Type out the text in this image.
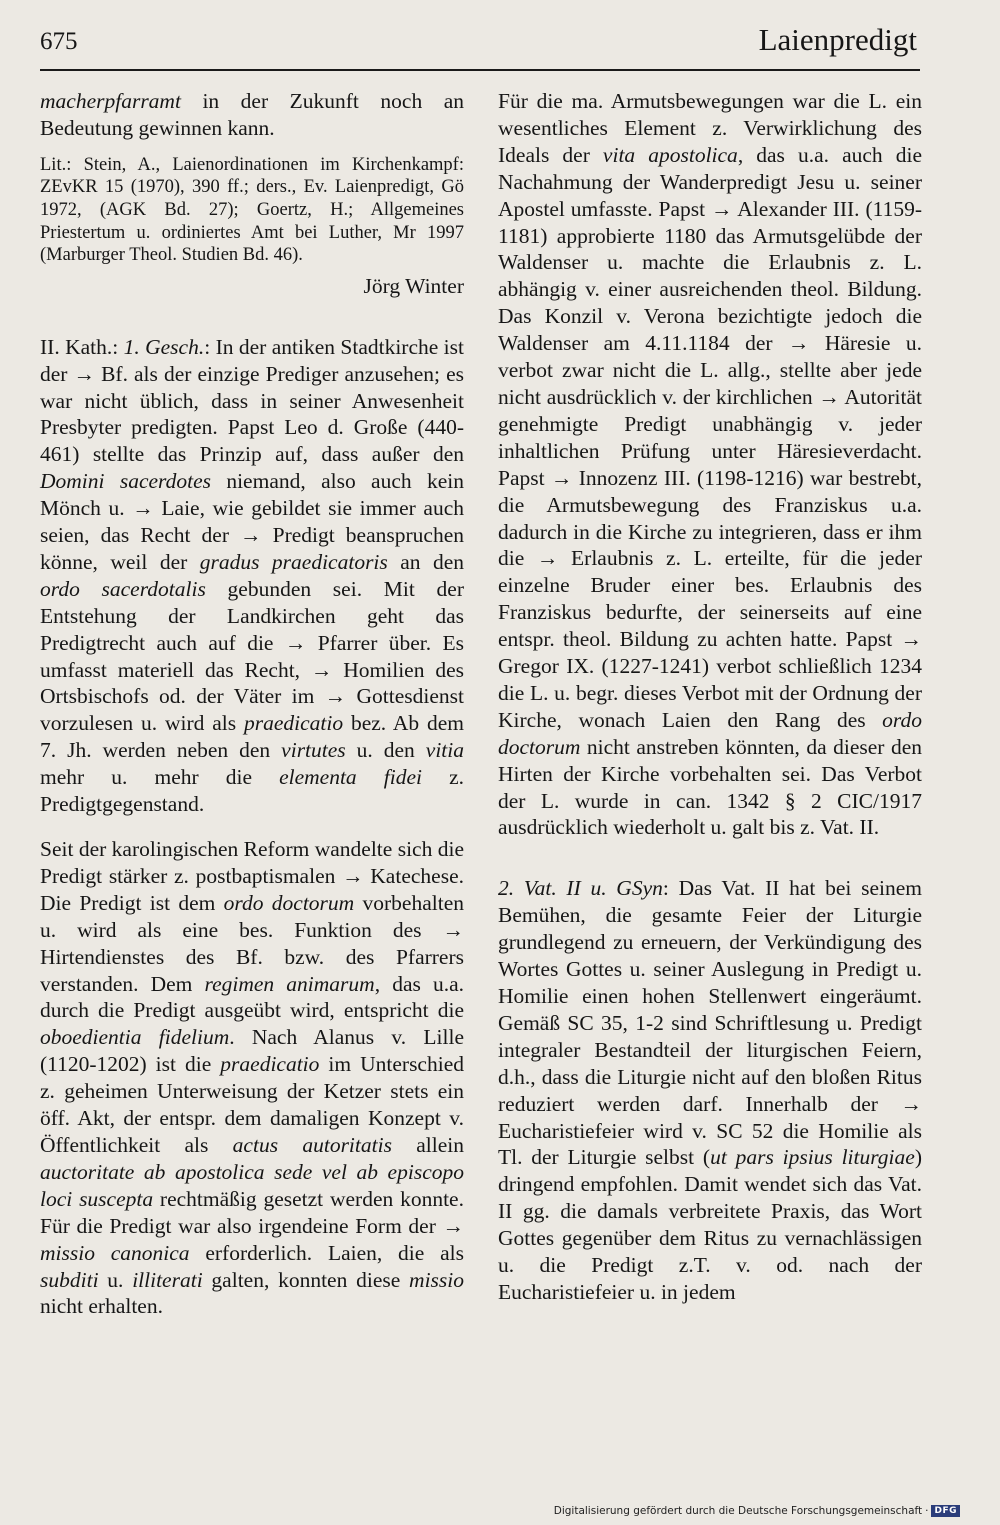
675	Laienpredigt

macherpfarramt in der Zukunft noch an Bedeutung gewinnen kann.

Lit.: Stein, A., Laienordinationen im Kirchenkampf: ZEvKR 15 (1970), 390 ff.; ders., Ev. Laienpredigt, Gö 1972, (AGK Bd. 27); Goertz, H.; Allgemeines Priestertum u. ordiniertes Amt bei Luther, Mr 1997 (Marburger Theol. Studien Bd. 46).

Jörg Winter

II. Kath.: 1. Gesch.: In der antiken Stadtkirche ist der → Bf. als der einzige Prediger anzusehen; es war nicht üblich, dass in seiner Anwesenheit Presbyter predigten. Papst Leo d. Große (440-461) stellte das Prinzip auf, dass außer den Domini sacerdotes niemand, also auch kein Mönch u. → Laie, wie gebildet sie immer auch seien, das Recht der → Predigt beanspruchen könne, weil der gradus praedicatoris an den ordo sacerdotalis gebunden sei. Mit der Entstehung der Landkirchen geht das Predigtrecht auch auf die → Pfarrer über. Es umfasst materiell das Recht, → Homilien des Ortsbischofs od. der Väter im → Gottesdienst vorzulesen u. wird als praedicatio bez. Ab dem 7. Jh. werden neben den virtutes u. den vitia mehr u. mehr die elementa fidei z. Predigtgegenstand.

Seit der karolingischen Reform wandelte sich die Predigt stärker z. postbaptismalen → Katechese. Die Predigt ist dem ordo doctorum vorbehalten u. wird als eine bes. Funktion des → Hirtendienstes des Bf. bzw. des Pfarrers verstanden. Dem regimen animarum, das u.a. durch die Predigt ausgeübt wird, entspricht die oboedientia fidelium. Nach Alanus v. Lille (1120-1202) ist die praedicatio im Unterschied z. geheimen Unterweisung der Ketzer stets ein öff. Akt, der entspr. dem damaligen Konzept v. Öffentlichkeit als actus autoritatis allein auctoritate ab apostolica sede vel ab episcopo loci suscepta rechtmäßig gesetzt werden konnte. Für die Predigt war also irgendeine Form der → missio canonica erforderlich. Laien, die als subditi u. illiterati galten, konnten diese missio nicht erhalten.

Für die ma. Armutsbewegungen war die L. ein wesentliches Element z. Verwirklichung des Ideals der vita apostolica, das u.a. auch die Nachahmung der Wanderpredigt Jesu u. seiner Apostel umfasste. Papst → Alexander III. (1159-1181) approbierte 1180 das Armutsgelübde der Waldenser u. machte die Erlaubnis z. L. abhängig v. einer ausreichenden theol. Bildung. Das Konzil v. Verona bezichtigte jedoch die Waldenser am 4.11.1184 der → Häresie u. verbot zwar nicht die L. allg., stellte aber jede nicht ausdrücklich v. der kirchlichen → Autorität genehmigte Predigt unabhängig v. jeder inhaltlichen Prüfung unter Häresieverdacht. Papst → Innozenz III. (1198-1216) war bestrebt, die Armutsbewegung des Franziskus u.a. dadurch in die Kirche zu integrieren, dass er ihm die → Erlaubnis z. L. erteilte, für die jeder einzelne Bruder einer bes. Erlaubnis des Franziskus bedurfte, der seinerseits auf eine entspr. theol. Bildung zu achten hatte. Papst → Gregor IX. (1227-1241) verbot schließlich 1234 die L. u. begr. dieses Verbot mit der Ordnung der Kirche, wonach Laien den Rang des ordo doctorum nicht anstreben könnten, da dieser den Hirten der Kirche vorbehalten sei. Das Verbot der L. wurde in can. 1342 § 2 CIC/1917 ausdrücklich wiederholt u. galt bis z. Vat. II.

2. Vat. II u. GSyn: Das Vat. II hat bei seinem Bemühen, die gesamte Feier der Liturgie grundlegend zu erneuern, der Verkündigung des Wortes Gottes u. seiner Auslegung in Predigt u. Homilie einen hohen Stellenwert eingeräumt. Gemäß SC 35, 1-2 sind Schriftlesung u. Predigt integraler Bestandteil der liturgischen Feiern, d.h., dass die Liturgie nicht auf den bloßen Ritus reduziert werden darf. Innerhalb der → Eucharistiefeier wird v. SC 52 die Homilie als Tl. der Liturgie selbst (ut pars ipsius liturgiae) dringend empfohlen. Damit wendet sich das Vat. II gg. die damals verbreitete Praxis, das Wort Gottes gegenüber dem Ritus zu vernachlässigen u. die Predigt z.T. v. od. nach der Eucharistiefeier u. in jedem

Digitalisierung gefördert durch die Deutsche Forschungsgemeinschaft · DFG
